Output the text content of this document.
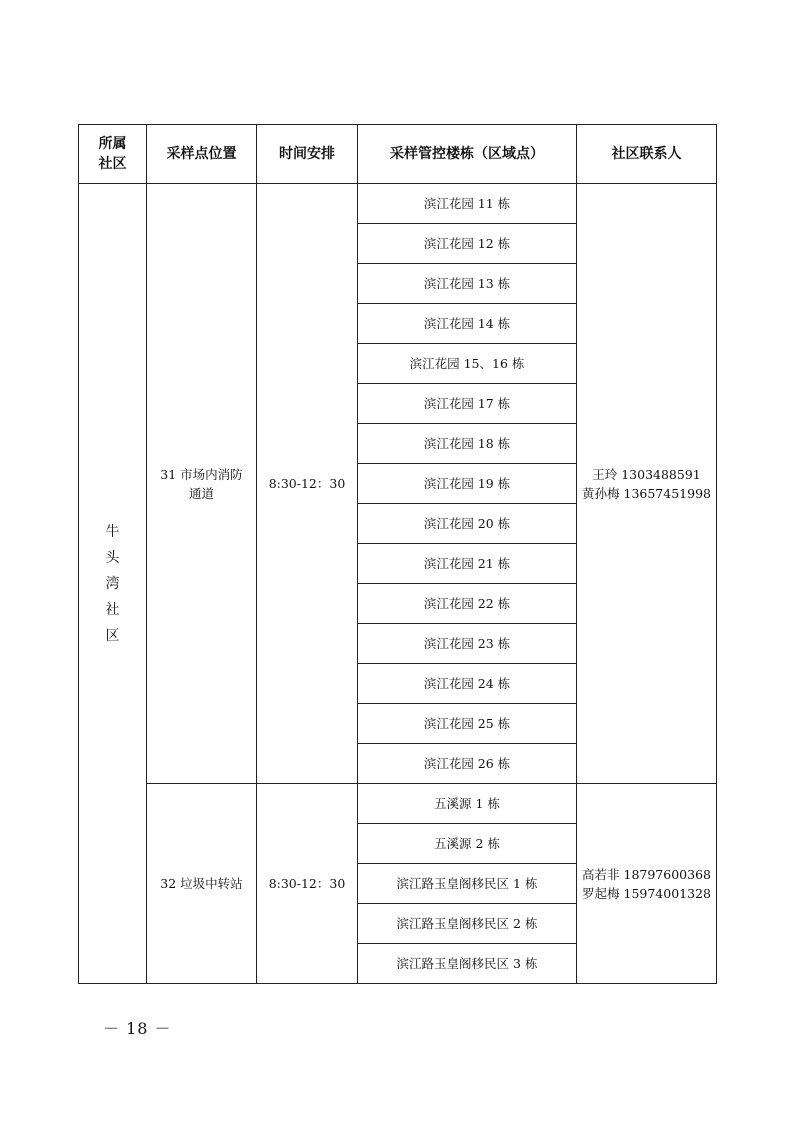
所属社区	采样点位置	时间安排	采样管控楼栋（区域点）	社区联系人
牛头湾社区	31 市场内消防通道	8:30-12：30	滨江花园 11 栋	王玲 1303488591
黄孙梅 13657451998

			滨江花园 12 栋	
			滨江花园 13 栋	
			滨江花园 14 栋	
			滨江花园 15、16 栋	
			滨江花园 17 栋	
			滨江花园 18 栋	
			滨江花园 19 栋	
			滨江花园 20 栋	
			滨江花园 21 栋	
			滨江花园 22 栋	
			滨江花园 23 栋	
			滨江花园 24 栋	
			滨江花园 25 栋	
			滨江花园 26 栋	
	32 垃圾中转站	8:30-12：30	五溪源 1 栋	高若非 18797600368
罗起梅 15974001328

			五溪源 2 栋	
			滨江路玉皇阁移民区 1 栋	
			滨江路玉皇阁移民区 2 栋	
			滨江路玉皇阁移民区 3 栋	
－ 18 －
